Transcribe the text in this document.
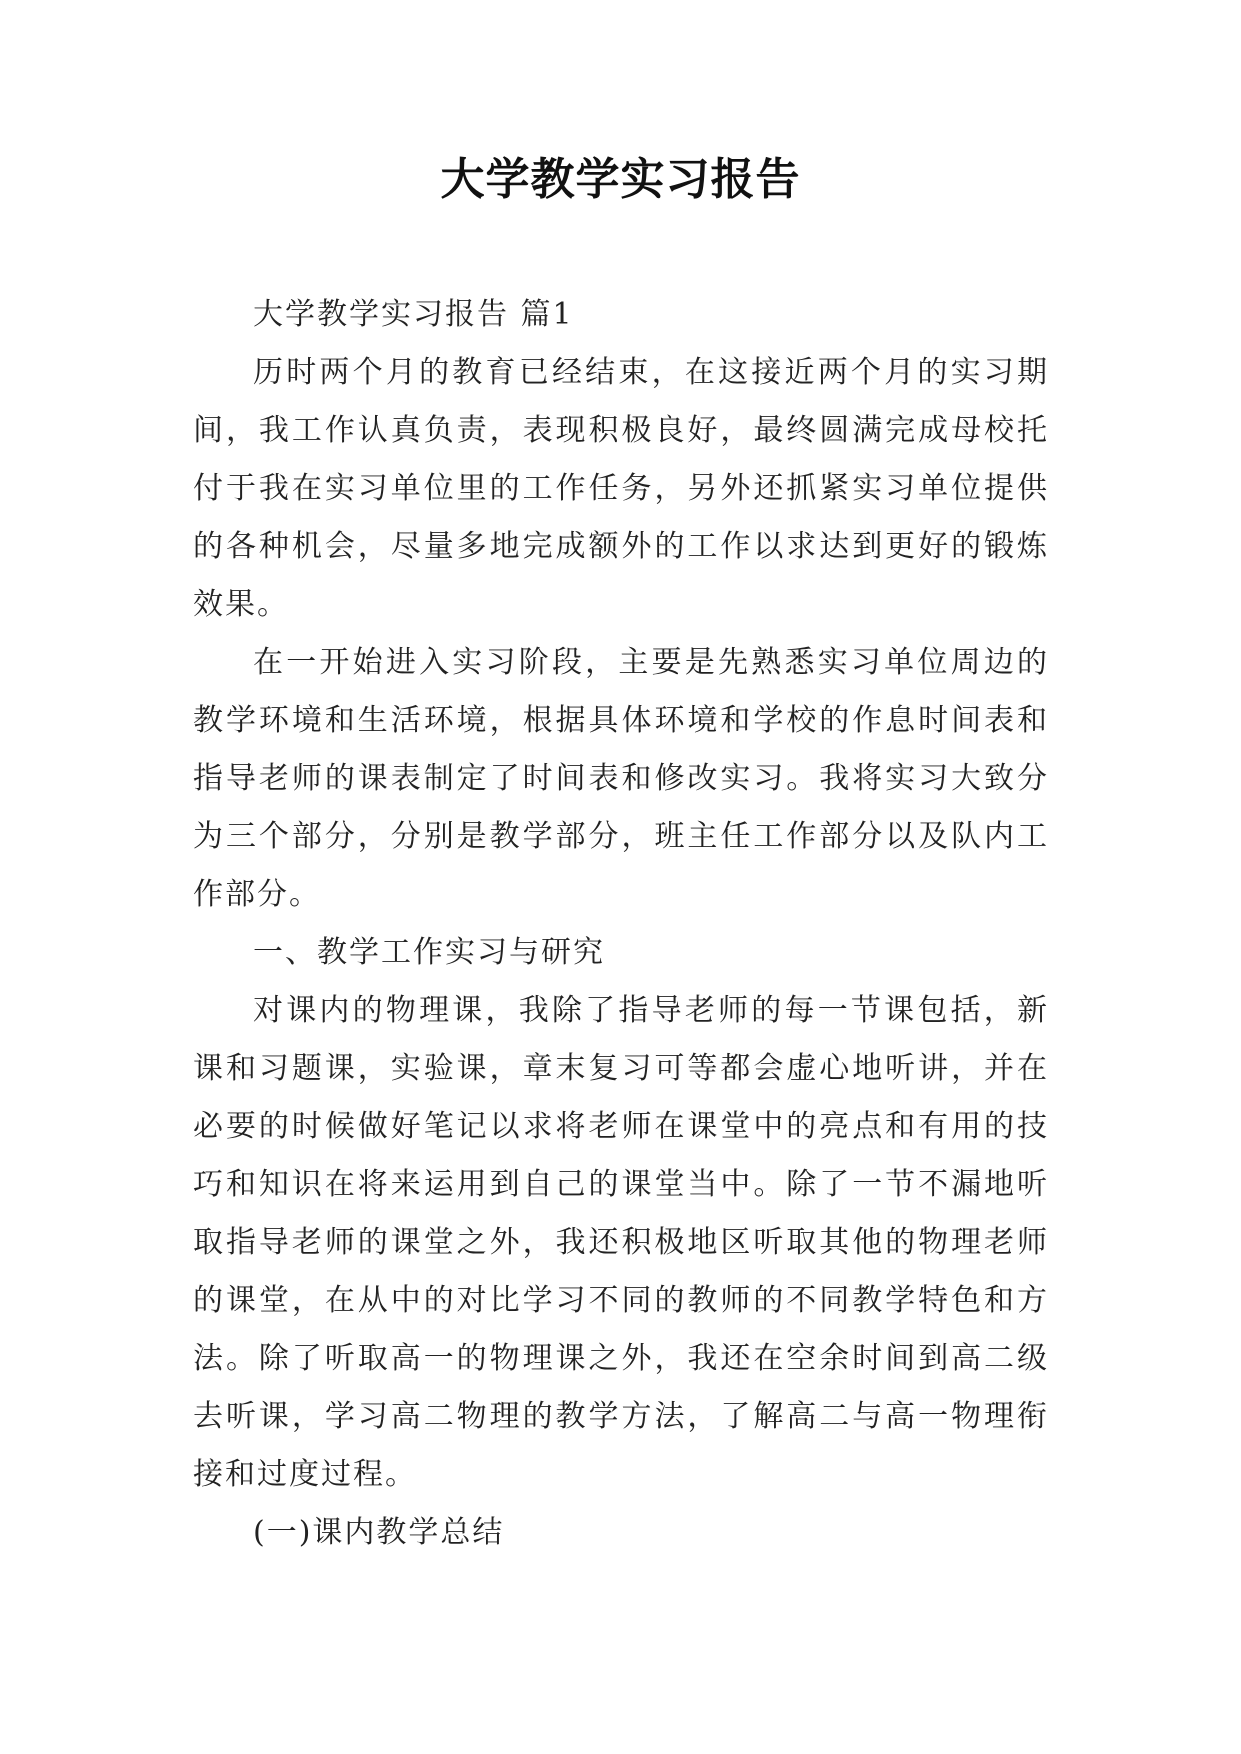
大学教学实习报告

大学教学实习报告 篇1

历时两个月的教育已经结束，在这接近两个月的实习期间，我工作认真负责，表现积极良好，最终圆满完成母校托付于我在实习单位里的工作任务，另外还抓紧实习单位提供的各种机会，尽量多地完成额外的工作以求达到更好的锻炼效果。

在一开始进入实习阶段，主要是先熟悉实习单位周边的教学环境和生活环境，根据具体环境和学校的作息时间表和指导老师的课表制定了时间表和修改实习。我将实习大致分为三个部分，分别是教学部分，班主任工作部分以及队内工作部分。

一、教学工作实习与研究

对课内的物理课，我除了指导老师的每一节课包括，新课和习题课，实验课，章末复习可等都会虚心地听讲，并在必要的时候做好笔记以求将老师在课堂中的亮点和有用的技巧和知识在将来运用到自己的课堂当中。除了一节不漏地听取指导老师的课堂之外，我还积极地区听取其他的物理老师的课堂，在从中的对比学习不同的教师的不同教学特色和方法。除了听取高一的物理课之外，我还在空余时间到高二级去听课，学习高二物理的教学方法，了解高二与高一物理衔接和过度过程。

(一)课内教学总结
